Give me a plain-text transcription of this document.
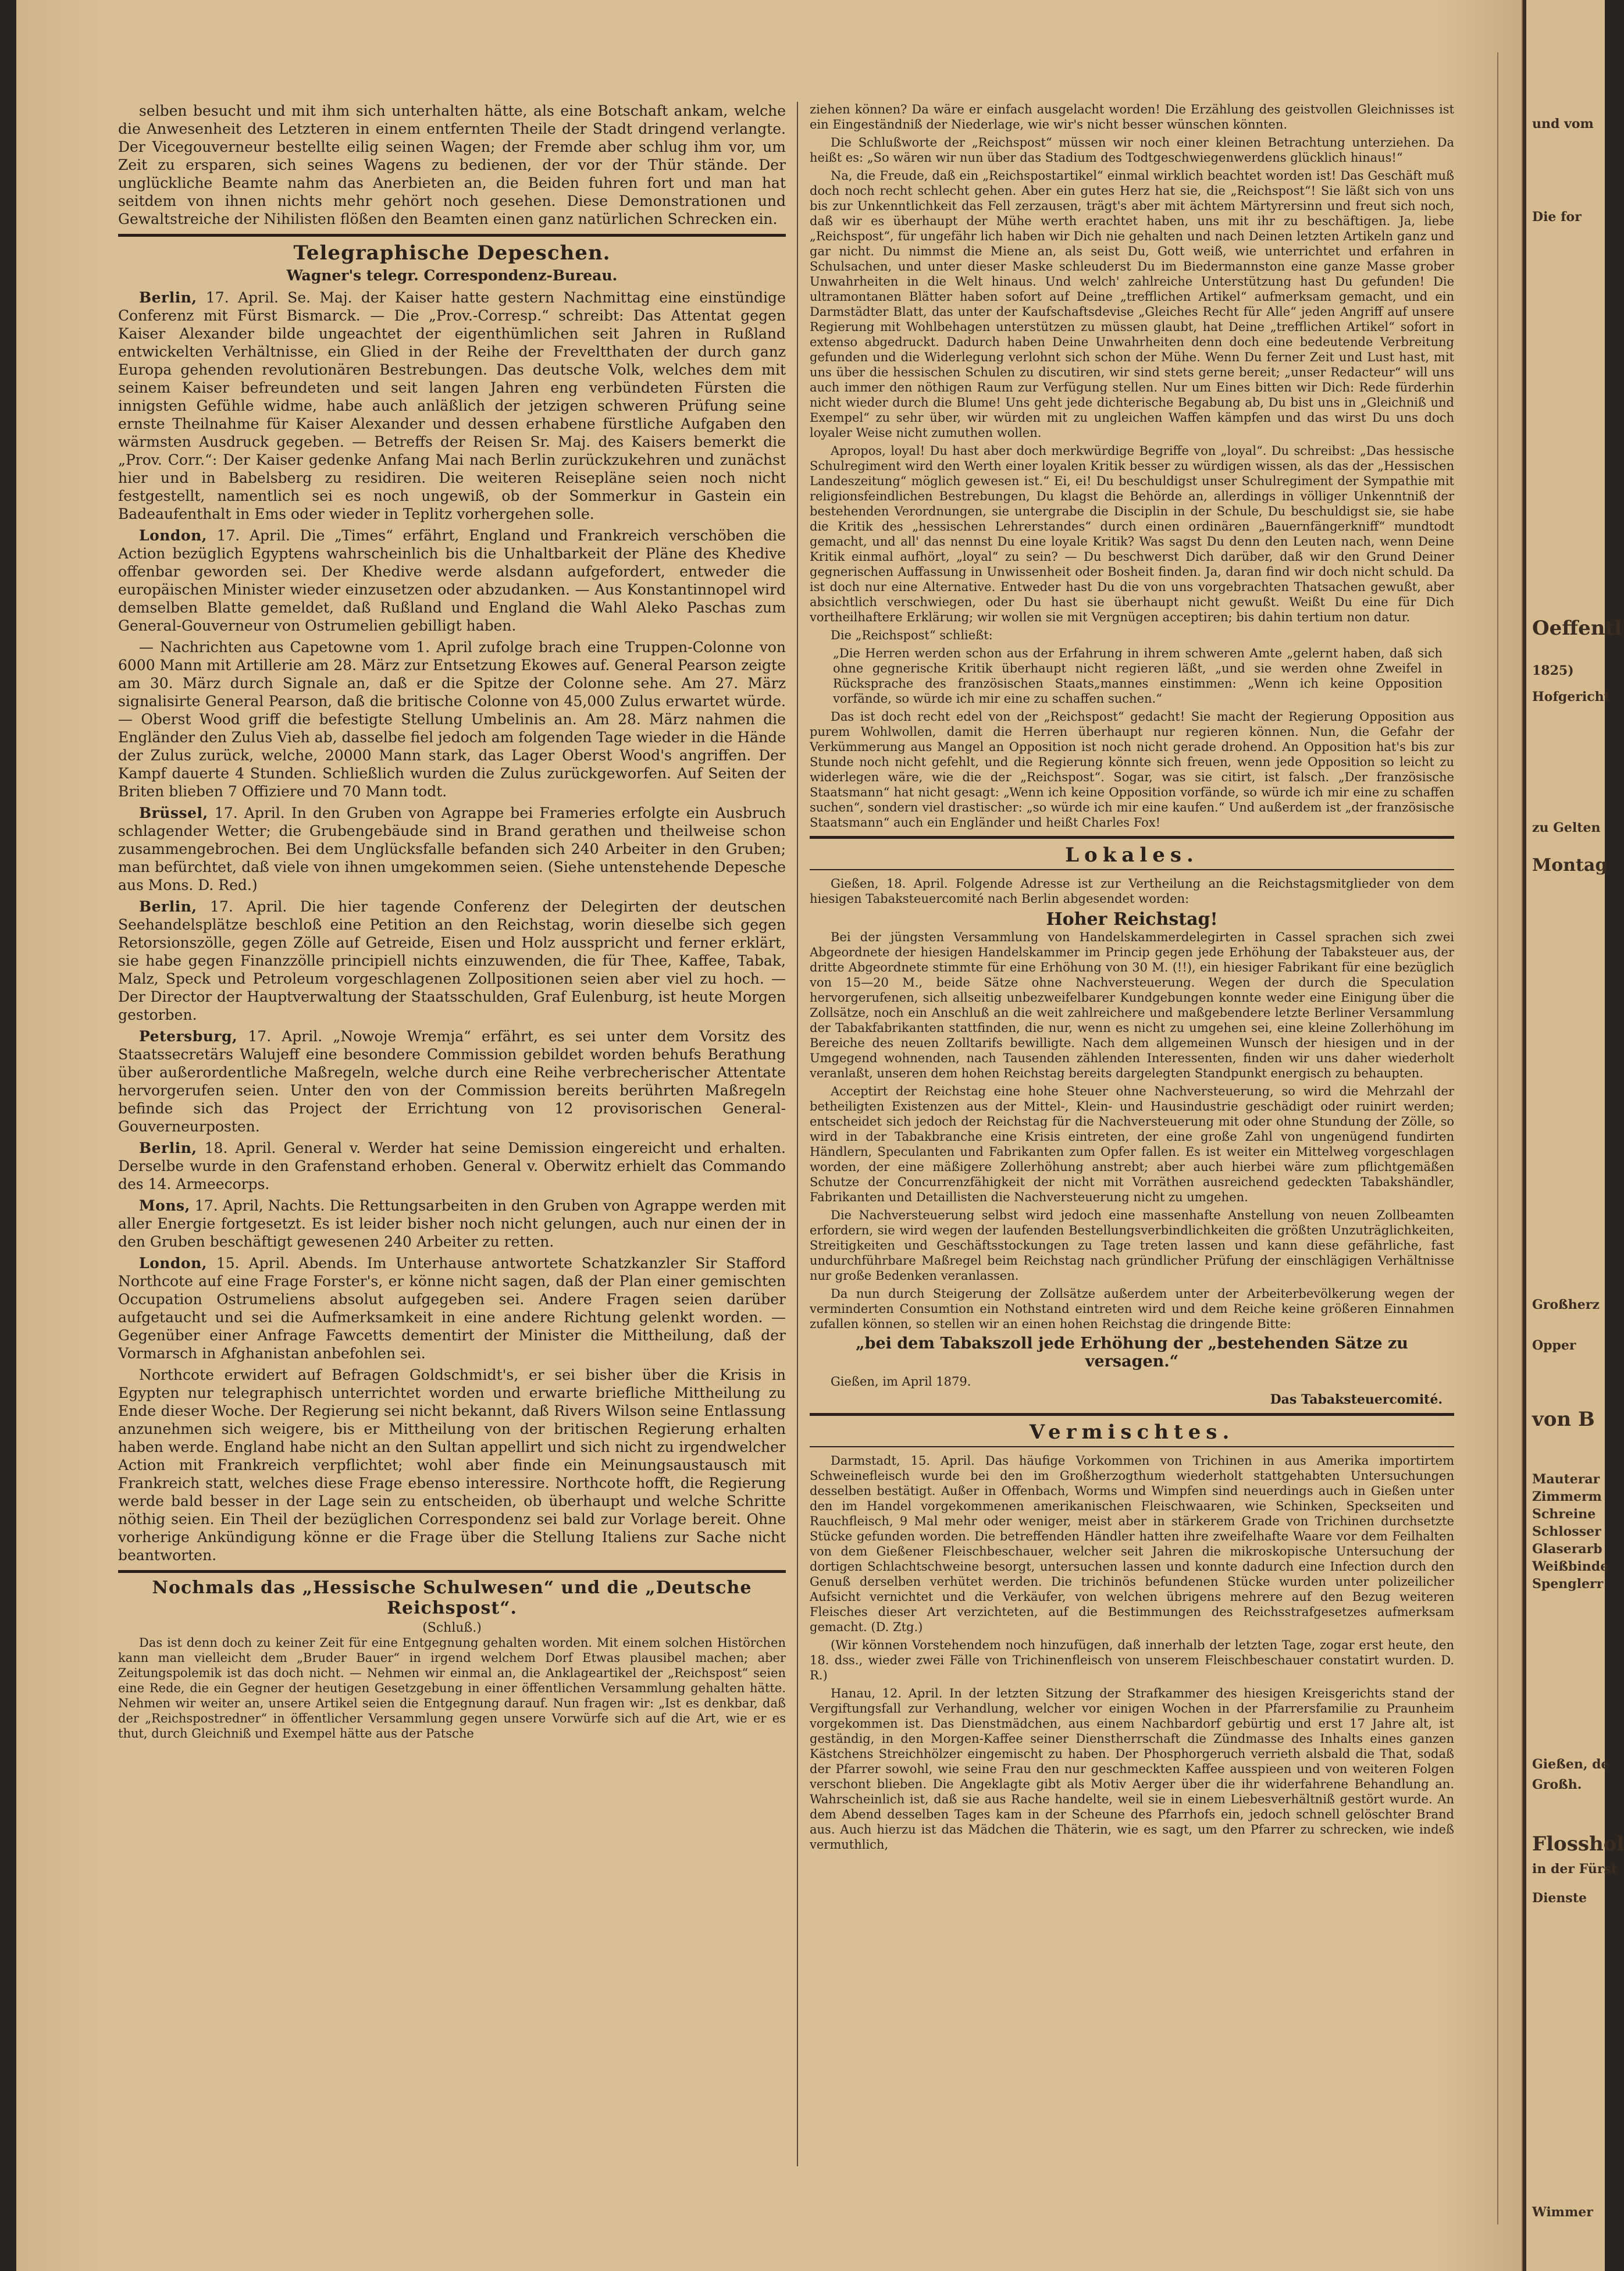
selben besucht und mit ihm sich unterhalten hätte, als eine Botschaft ankam, welche die Anwesenheit des Letzteren in einem entfernten Theile der Stadt dringend verlangte. Der Vicegouverneur bestellte eilig seinen Wagen; der Fremde aber schlug ihm vor, um Zeit zu ersparen, sich seines Wagens zu bedienen, der vor der Thür stände. Der unglückliche Beamte nahm das Anerbieten an, die Beiden fuhren fort und man hat seitdem von ihnen nichts mehr gehört noch gesehen. Diese Demonstrationen und Gewaltstreiche der Nihilisten flößen den Beamten einen ganz natürlichen Schrecken ein.

Telegraphische Depeschen.
Wagner's telegr. Correspondenz-Bureau.

Berlin, 17. April. Se. Maj. der Kaiser hatte gestern Nachmittag eine einstündige Conferenz mit Fürst Bismarck. — Die „Prov.-Corresp.“ schreibt: Das Attentat gegen Kaiser Alexander bilde ungeachtet der eigenthümlichen seit Jahren in Rußland entwickelten Verhältnisse, ein Glied in der Reihe der Freveltthaten der durch ganz Europa gehenden revolutionären Bestrebungen. Das deutsche Volk, welches dem mit seinem Kaiser befreundeten und seit langen Jahren eng verbündeten Fürsten die innigsten Gefühle widme, habe auch anläßlich der jetzigen schweren Prüfung seine ernste Theilnahme für Kaiser Alexander und dessen erhabene fürstliche Aufgaben den wärmsten Ausdruck gegeben. — Betreffs der Reisen Sr. Maj. des Kaisers bemerkt die „Prov. Corr.“: Der Kaiser gedenke Anfang Mai nach Berlin zurückzukehren und zunächst hier und in Babelsberg zu residiren. Die weiteren Reisepläne seien noch nicht festgestellt, namentlich sei es noch ungewiß, ob der Sommerkur in Gastein ein Badeaufenthalt in Ems oder wieder in Teplitz vorhergehen solle.

London, 17. April. Die „Times“ erfährt, England und Frankreich verschöben die Action bezüglich Egyptens wahrscheinlich bis die Unhaltbarkeit der Pläne des Khedive offenbar geworden sei. Der Khedive werde alsdann aufgefordert, entweder die europäischen Minister wieder einzusetzen oder abzudanken. — Aus Konstantinnopel wird demselben Blatte gemeldet, daß Rußland und England die Wahl Aleko Paschas zum General-Gouverneur von Ostrumelien gebilligt haben.

— Nachrichten aus Capetowne vom 1. April zufolge brach eine Truppen-Colonne von 6000 Mann mit Artillerie am 28. März zur Entsetzung Ekowes auf. General Pearson zeigte am 30. März durch Signale an, daß er die Spitze der Colonne sehe. Am 27. März signalisirte General Pearson, daß die britische Colonne von 45,000 Zulus erwartet würde. — Oberst Wood griff die befestigte Stellung Umbelinis an. Am 28. März nahmen die Engländer den Zulus Vieh ab, dasselbe fiel jedoch am folgenden Tage wieder in die Hände der Zulus zurück, welche, 20000 Mann stark, das Lager Oberst Wood's angriffen. Der Kampf dauerte 4 Stunden. Schließlich wurden die Zulus zurückgeworfen. Auf Seiten der Briten blieben 7 Offiziere und 70 Mann todt.

Brüssel, 17. April. In den Gruben von Agrappe bei Frameries erfolgte ein Ausbruch schlagender Wetter; die Grubengebäude sind in Brand gerathen und theilweise schon zusammengebrochen. Bei dem Unglücksfalle befanden sich 240 Arbeiter in den Gruben; man befürchtet, daß viele von ihnen umgekommen seien. (Siehe untenstehende Depesche aus Mons. D. Red.)

Berlin, 17. April. Die hier tagende Conferenz der Delegirten der deutschen Seehandelsplätze beschloß eine Petition an den Reichstag, worin dieselbe sich gegen Retorsionszölle, gegen Zölle auf Getreide, Eisen und Holz ausspricht und ferner erklärt, sie habe gegen Finanzzölle principiell nichts einzuwenden, die für Thee, Kaffee, Tabak, Malz, Speck und Petroleum vorgeschlagenen Zollpositionen seien aber viel zu hoch. — Der Director der Hauptverwaltung der Staatsschulden, Graf Eulenburg, ist heute Morgen gestorben.

Petersburg, 17. April. „Nowoje Wremja“ erfährt, es sei unter dem Vorsitz des Staatssecretärs Walujeff eine besondere Commission gebildet worden behufs Berathung über außerordentliche Maßregeln, welche durch eine Reihe verbrecherischer Attentate hervorgerufen seien. Unter den von der Commission bereits berührten Maßregeln befinde sich das Project der Errichtung von 12 provisorischen General-Gouverneurposten.

Berlin, 18. April. General v. Werder hat seine Demission eingereicht und erhalten. Derselbe wurde in den Grafenstand erhoben. General v. Oberwitz erhielt das Commando des 14. Armeecorps.

Mons, 17. April, Nachts. Die Rettungsarbeiten in den Gruben von Agrappe werden mit aller Energie fortgesetzt. Es ist leider bisher noch nicht gelungen, auch nur einen der in den Gruben beschäftigt gewesenen 240 Arbeiter zu retten.

London, 15. April. Abends. Im Unterhause antwortete Schatzkanzler Sir Stafford Northcote auf eine Frage Forster's, er könne nicht sagen, daß der Plan einer gemischten Occupation Ostrumeliens absolut aufgegeben sei. Andere Fragen seien darüber aufgetaucht und sei die Aufmerksamkeit in eine andere Richtung gelenkt worden. — Gegenüber einer Anfrage Fawcetts dementirt der Minister die Mittheilung, daß der Vormarsch in Afghanistan anbefohlen sei.

Northcote erwidert auf Befragen Goldschmidt's, er sei bisher über die Krisis in Egypten nur telegraphisch unterrichtet worden und erwarte briefliche Mittheilung zu Ende dieser Woche. Der Regierung sei nicht bekannt, daß Rivers Wilson seine Entlassung anzunehmen sich weigere, bis er Mittheilung von der britischen Regierung erhalten haben werde. England habe nicht an den Sultan appellirt und sich nicht zu irgendwelcher Action mit Frankreich verpflichtet; wohl aber finde ein Meinungsaustausch mit Frankreich statt, welches diese Frage ebenso interessire. Northcote hofft, die Regierung werde bald besser in der Lage sein zu entscheiden, ob überhaupt und welche Schritte nöthig seien. Ein Theil der bezüglichen Correspondenz sei bald zur Vorlage bereit. Ohne vorherige Ankündigung könne er die Frage über die Stellung Italiens zur Sache nicht beantworten.

Nochmals das „Hessische Schulwesen“ und die „Deutsche Reichspost“.
(Schluß.)

Das ist denn doch zu keiner Zeit für eine Entgegnung gehalten worden. Mit einem solchen Histörchen kann man vielleicht dem „Bruder Bauer“ in irgend welchem Dorf Etwas plausibel machen; aber Zeitungspolemik ist das doch nicht. — Nehmen wir einmal an, die Anklageartikel der „Reichspost“ seien eine Rede, die ein Gegner der heutigen Gesetzgebung in einer öffentlichen Versammlung gehalten hätte. Nehmen wir weiter an, unsere Artikel seien die Entgegnung darauf. Nun fragen wir: „Ist es denkbar, daß der „Reichspostredner“ in öffentlicher Versammlung gegen unsere Vorwürfe sich auf die Art, wie er es thut, durch Gleichniß und Exempel hätte aus der Patsche

ziehen können? Da wäre er einfach ausgelacht worden! Die Erzählung des geistvollen Gleichnisses ist ein Eingeständniß der Niederlage, wie wir's nicht besser wünschen könnten.

Die Schlußworte der „Reichspost“ müssen wir noch einer kleinen Betrachtung unterziehen. Da heißt es: „So wären wir nun über das Stadium des Todtgeschwiegenwerdens glücklich hinaus!“

Na, die Freude, daß ein „Reichspostartikel“ einmal wirklich beachtet worden ist! Das Geschäft muß doch noch recht schlecht gehen. Aber ein gutes Herz hat sie, die „Reichspost“! Sie läßt sich von uns bis zur Unkenntlichkeit das Fell zerzausen, trägt's aber mit ächtem Märtyrersinn und freut sich noch, daß wir es überhaupt der Mühe werth erachtet haben, uns mit ihr zu beschäftigen. Ja, liebe „Reichspost“, für ungefähr lich haben wir Dich nie gehalten und nach Deinen letzten Artikeln ganz und gar nicht. Du nimmst die Miene an, als seist Du, Gott weiß, wie unterrichtet und erfahren in Schulsachen, und unter dieser Maske schleuderst Du im Biedermannston eine ganze Masse grober Unwahrheiten in die Welt hinaus. Und welch' zahlreiche Unterstützung hast Du gefunden! Die ultramontanen Blätter haben sofort auf Deine „trefflichen Artikel“ aufmerksam gemacht, und ein Darmstädter Blatt, das unter der Kaufschaftsdevise „Gleiches Recht für Alle“ jeden Angriff auf unsere Regierung mit Wohlbehagen unterstützen zu müssen glaubt, hat Deine „trefflichen Artikel“ sofort in extenso abgedruckt. Dadurch haben Deine Unwahrheiten denn doch eine bedeutende Verbreitung gefunden und die Widerlegung verlohnt sich schon der Mühe. Wenn Du ferner Zeit und Lust hast, mit uns über die hessischen Schulen zu discutiren, wir sind stets gerne bereit; „unser Redacteur“ will uns auch immer den nöthigen Raum zur Verfügung stellen. Nur um Eines bitten wir Dich: Rede fürderhin nicht wieder durch die Blume! Uns geht jede dichterische Begabung ab, Du bist uns in „Gleichniß und Exempel“ zu sehr über, wir würden mit zu ungleichen Waffen kämpfen und das wirst Du uns doch loyaler Weise nicht zumuthen wollen.

Apropos, loyal! Du hast aber doch merkwürdige Begriffe von „loyal“. Du schreibst: „Das hessische Schulregiment wird den Werth einer loyalen Kritik besser zu würdigen wissen, als das der „Hessischen Landeszeitung“ möglich gewesen ist.“ Ei, ei! Du beschuldigst unser Schulregiment der Sympathie mit religionsfeindlichen Bestrebungen, Du klagst die Behörde an, allerdings in völliger Unkenntniß der bestehenden Verordnungen, sie untergrabe die Disciplin in der Schule, Du beschuldigst sie, sie habe die Kritik des „hessischen Lehrerstandes“ durch einen ordinären „Bauernfängerkniff“ mundtodt gemacht, und all' das nennst Du eine loyale Kritik? Was sagst Du denn den Leuten nach, wenn Deine Kritik einmal aufhört, „loyal“ zu sein? — Du beschwerst Dich darüber, daß wir den Grund Deiner gegnerischen Auffassung in Unwissenheit oder Bosheit finden. Ja, daran find wir doch nicht schuld. Da ist doch nur eine Alternative. Entweder hast Du die von uns vorgebrachten Thatsachen gewußt, aber absichtlich verschwiegen, oder Du hast sie überhaupt nicht gewußt. Weißt Du eine für Dich vortheilhaftere Erklärung; wir wollen sie mit Vergnügen acceptiren; bis dahin tertium non datur.

Die „Reichspost“ schließt:

„Die Herren werden schon aus der Erfahrung in ihrem schweren Amte „gelernt haben, daß sich ohne gegnerische Kritik überhaupt nicht regieren läßt, „und sie werden ohne Zweifel in Rücksprache des französischen Staats„mannes einstimmen: „Wenn ich keine Opposition vorfände, so würde ich mir eine zu schaffen suchen.“

Das ist doch recht edel von der „Reichspost“ gedacht! Sie macht der Regierung Opposition aus purem Wohlwollen, damit die Herren überhaupt nur regieren können. Nun, die Gefahr der Verkümmerung aus Mangel an Opposition ist noch nicht gerade drohend. An Opposition hat's bis zur Stunde noch nicht gefehlt, und die Regierung könnte sich freuen, wenn jede Opposition so leicht zu widerlegen wäre, wie die der „Reichspost“. Sogar, was sie citirt, ist falsch. „Der französische Staatsmann“ hat nicht gesagt: „Wenn ich keine Opposition vorfände, so würde ich mir eine zu schaffen suchen“, sondern viel drastischer: „so würde ich mir eine kaufen.“ Und außerdem ist „der französische Staatsmann“ auch ein Engländer und heißt Charles Fox!

Lokales.

Gießen, 18. April. Folgende Adresse ist zur Vertheilung an die Reichstagsmitglieder von dem hiesigen Tabaksteuercomité nach Berlin abgesendet worden:

Hoher Reichstag!

Bei der jüngsten Versammlung von Handelskammerdelegirten in Cassel sprachen sich zwei Abgeordnete der hiesigen Handelskammer im Princip gegen jede Erhöhung der Tabaksteuer aus, der dritte Abgeordnete stimmte für eine Erhöhung von 30 M. (!!), ein hiesiger Fabrikant für eine bezüglich von 15—20 M., beide Sätze ohne Nachversteuerung. Wegen der durch die Speculation hervorgerufenen, sich allseitig unbezweifelbarer Kundgebungen konnte weder eine Einigung über die Zollsätze, noch ein Anschluß an die weit zahlreichere und maßgebendere letzte Berliner Versammlung der Tabakfabrikanten stattfinden, die nur, wenn es nicht zu umgehen sei, eine kleine Zollerhöhung im Bereiche des neuen Zolltarifs bewilligte. Nach dem allgemeinen Wunsch der hiesigen und in der Umgegend wohnenden, nach Tausenden zählenden Interessenten, finden wir uns daher wiederholt veranlaßt, unseren dem hohen Reichstag bereits dargelegten Standpunkt energisch zu behaupten.

Acceptirt der Reichstag eine hohe Steuer ohne Nachversteuerung, so wird die Mehrzahl der betheiligten Existenzen aus der Mittel-, Klein- und Hausindustrie geschädigt oder ruinirt werden; entscheidet sich jedoch der Reichstag für die Nachversteuerung mit oder ohne Stundung der Zölle, so wird in der Tabakbranche eine Krisis eintreten, der eine große Zahl von ungenügend fundirten Händlern, Speculanten und Fabrikanten zum Opfer fallen. Es ist weiter ein Mittelweg vorgeschlagen worden, der eine mäßigere Zollerhöhung anstrebt; aber auch hierbei wäre zum pflichtgemäßen Schutze der Concurrenzfähigkeit der nicht mit Vorräthen ausreichend gedeckten Tabakshändler, Fabrikanten und Detaillisten die Nachversteuerung nicht zu umgehen.

Die Nachversteuerung selbst wird jedoch eine massenhafte Anstellung von neuen Zollbeamten erfordern, sie wird wegen der laufenden Bestellungsverbindlichkeiten die größten Unzuträglichkeiten, Streitigkeiten und Geschäftsstockungen zu Tage treten lassen und kann diese gefährliche, fast undurchführbare Maßregel beim Reichstag nach gründlicher Prüfung der einschlägigen Verhältnisse nur große Bedenken veranlassen.

Da nun durch Steigerung der Zollsätze außerdem unter der Arbeiterbevölkerung wegen der verminderten Consumtion ein Nothstand eintreten wird und dem Reiche keine größeren Einnahmen zufallen können, so stellen wir an einen hohen Reichstag die dringende Bitte:

„bei dem Tabakszoll jede Erhöhung der „bestehenden Sätze zu versagen.“

Gießen, im April 1879.

Das Tabaksteuercomité.
Vermischtes.

Darmstadt, 15. April. Das häufige Vorkommen von Trichinen in aus Amerika importirtem Schweinefleisch wurde bei den im Großherzogthum wiederholt stattgehabten Untersuchungen desselben bestätigt. Außer in Offenbach, Worms und Wimpfen sind neuerdings auch in Gießen unter den im Handel vorgekommenen amerikanischen Fleischwaaren, wie Schinken, Speckseiten und Rauchfleisch, 9 Mal mehr oder weniger, meist aber in stärkerem Grade von Trichinen durchsetzte Stücke gefunden worden. Die betreffenden Händler hatten ihre zweifelhafte Waare vor dem Feilhalten von dem Gießener Fleischbeschauer, welcher seit Jahren die mikroskopische Untersuchung der dortigen Schlachtschweine besorgt, untersuchen lassen und konnte dadurch eine Infection durch den Genuß derselben verhütet werden. Die trichinös befundenen Stücke wurden unter polizeilicher Aufsicht vernichtet und die Verkäufer, von welchen übrigens mehrere auf den Bezug weiteren Fleisches dieser Art verzichteten, auf die Bestimmungen des Reichsstrafgesetzes aufmerksam gemacht. (D. Ztg.)

(Wir können Vorstehendem noch hinzufügen, daß innerhalb der letzten Tage, zogar erst heute, den 18. dss., wieder zwei Fälle von Trichinenfleisch von unserem Fleischbeschauer constatirt wurden. D. R.)

Hanau, 12. April. In der letzten Sitzung der Strafkammer des hiesigen Kreisgerichts stand der Vergiftungsfall zur Verhandlung, welcher vor einigen Wochen in der Pfarrersfamilie zu Praunheim vorgekommen ist. Das Dienstmädchen, aus einem Nachbardorf gebürtig und erst 17 Jahre alt, ist geständig, in den Morgen-Kaffee seiner Dienstherrschaft die Zündmasse des Inhalts eines ganzen Kästchens Streichhölzer eingemischt zu haben. Der Phosphorgeruch verrieth alsbald die That, sodaß der Pfarrer sowohl, wie seine Frau den nur geschmeckten Kaffee ausspieen und von weiteren Folgen verschont blieben. Die Angeklagte gibt als Motiv Aerger über die ihr widerfahrene Behandlung an. Wahrscheinlich ist, daß sie aus Rache handelte, weil sie in einem Liebesverhältniß gestört wurde. An dem Abend desselben Tages kam in der Scheune des Pfarrhofs ein, jedoch schnell gelöschter Brand aus. Auch hierzu ist das Mädchen die Thäterin, wie es sagt, um den Pfarrer zu schrecken, wie indeß vermuthlich,

und vom
Die for
Oeffentl
1825)
Hofgericht
Montag
zu Gelten
Mauterar
Zimmerm
Schreine
Schlosser
Glaserarb
Weißbinde
Spenglerr
von B
Opper
Großherz
Gießen, de
Großh.
Flosshol
in der Fürst
Dienste
Wimmer
